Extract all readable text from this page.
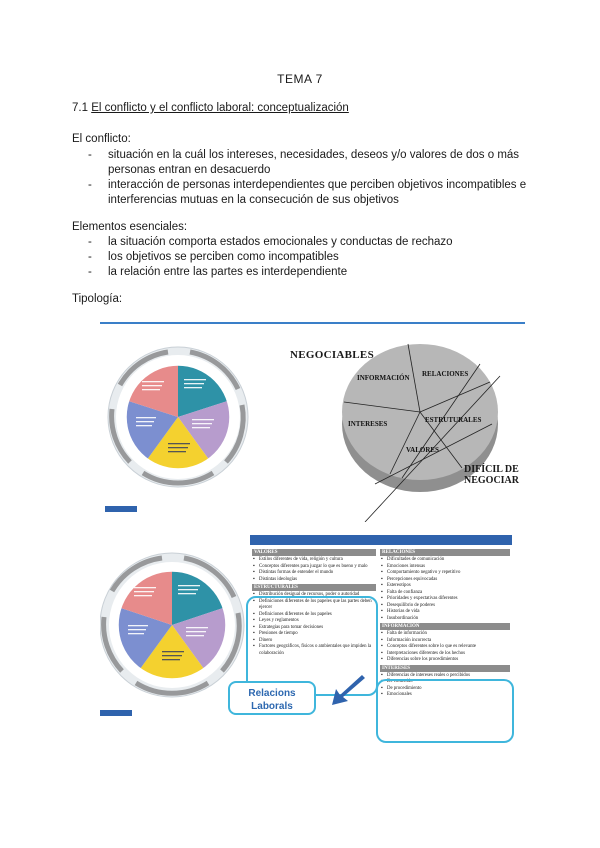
TEMA 7
7.1 El conflicto y el conflicto laboral: conceptualización
El conflicto:
- situación en la cuál los intereses, necesidades, deseos y/o valores de dos o más personas entran en desacuerdo
- interacción de personas interdependientes que perciben objetivos incompatibles e interferencias mutuas en la consecución de sus objetivos
Elementos esenciales:
- la situación comporta estados emocionales y conductas de rechazo
- los objetivos se perciben como incompatibles
- la relación entre las partes es interdependiente
Tipología:
NEGOCIABLES
DIFÍCIL DE
NEGOCIAR
INFORMACIÓN RELACIONES
ESTRUTURALES
VALORES
INTERESES
VALORES
▪ Estilos diferentes de vida, religión y cultura
▪ Conceptos diferentes para juzgar lo que es bueno y malo
▪ Distintas formas de entender el mundo
▪ Distintas ideologías
ESTRUCTURALES
▪ Distribución desigual de recursos, poder o autoridad
▪ Definiciones diferentes de los papeles que las partes deben ejercer
▪ Definiciones diferentes de los papeles
▪ Leyes y reglamentos
▪ Estrategias para tomar decisiones
▪ Presiones de tiempo
▪ Dinero
▪ Factores geográficos, físicos o ambientales que impiden la colaboración
RELACIONES
▪ Dificultades de comunicación
▪ Emociones intensas
▪ Comportamiento negativo y repetitivo
▪ Percepciones equivocadas
▪ Estereotipos
▪ Falta de confianza
▪ Prioridades y expectativas diferentes
▪ Desequilibrio de poderes
▪ Historias de vida
▪ Insubordinación
INFORMACIÓN
▪ Falta de información
▪ Información incorrecta
▪ Conceptos diferentes sobre lo que es relevante
▪ Interpretaciones diferentes de los hechos
▪ Diferencias sobre los procedimientos
INTERESES
▪ Diferencias de intereses reales o percibidos
▪ De contenido
▪ De procedimiento
▪ Emocionales
Relacions
Laborals
